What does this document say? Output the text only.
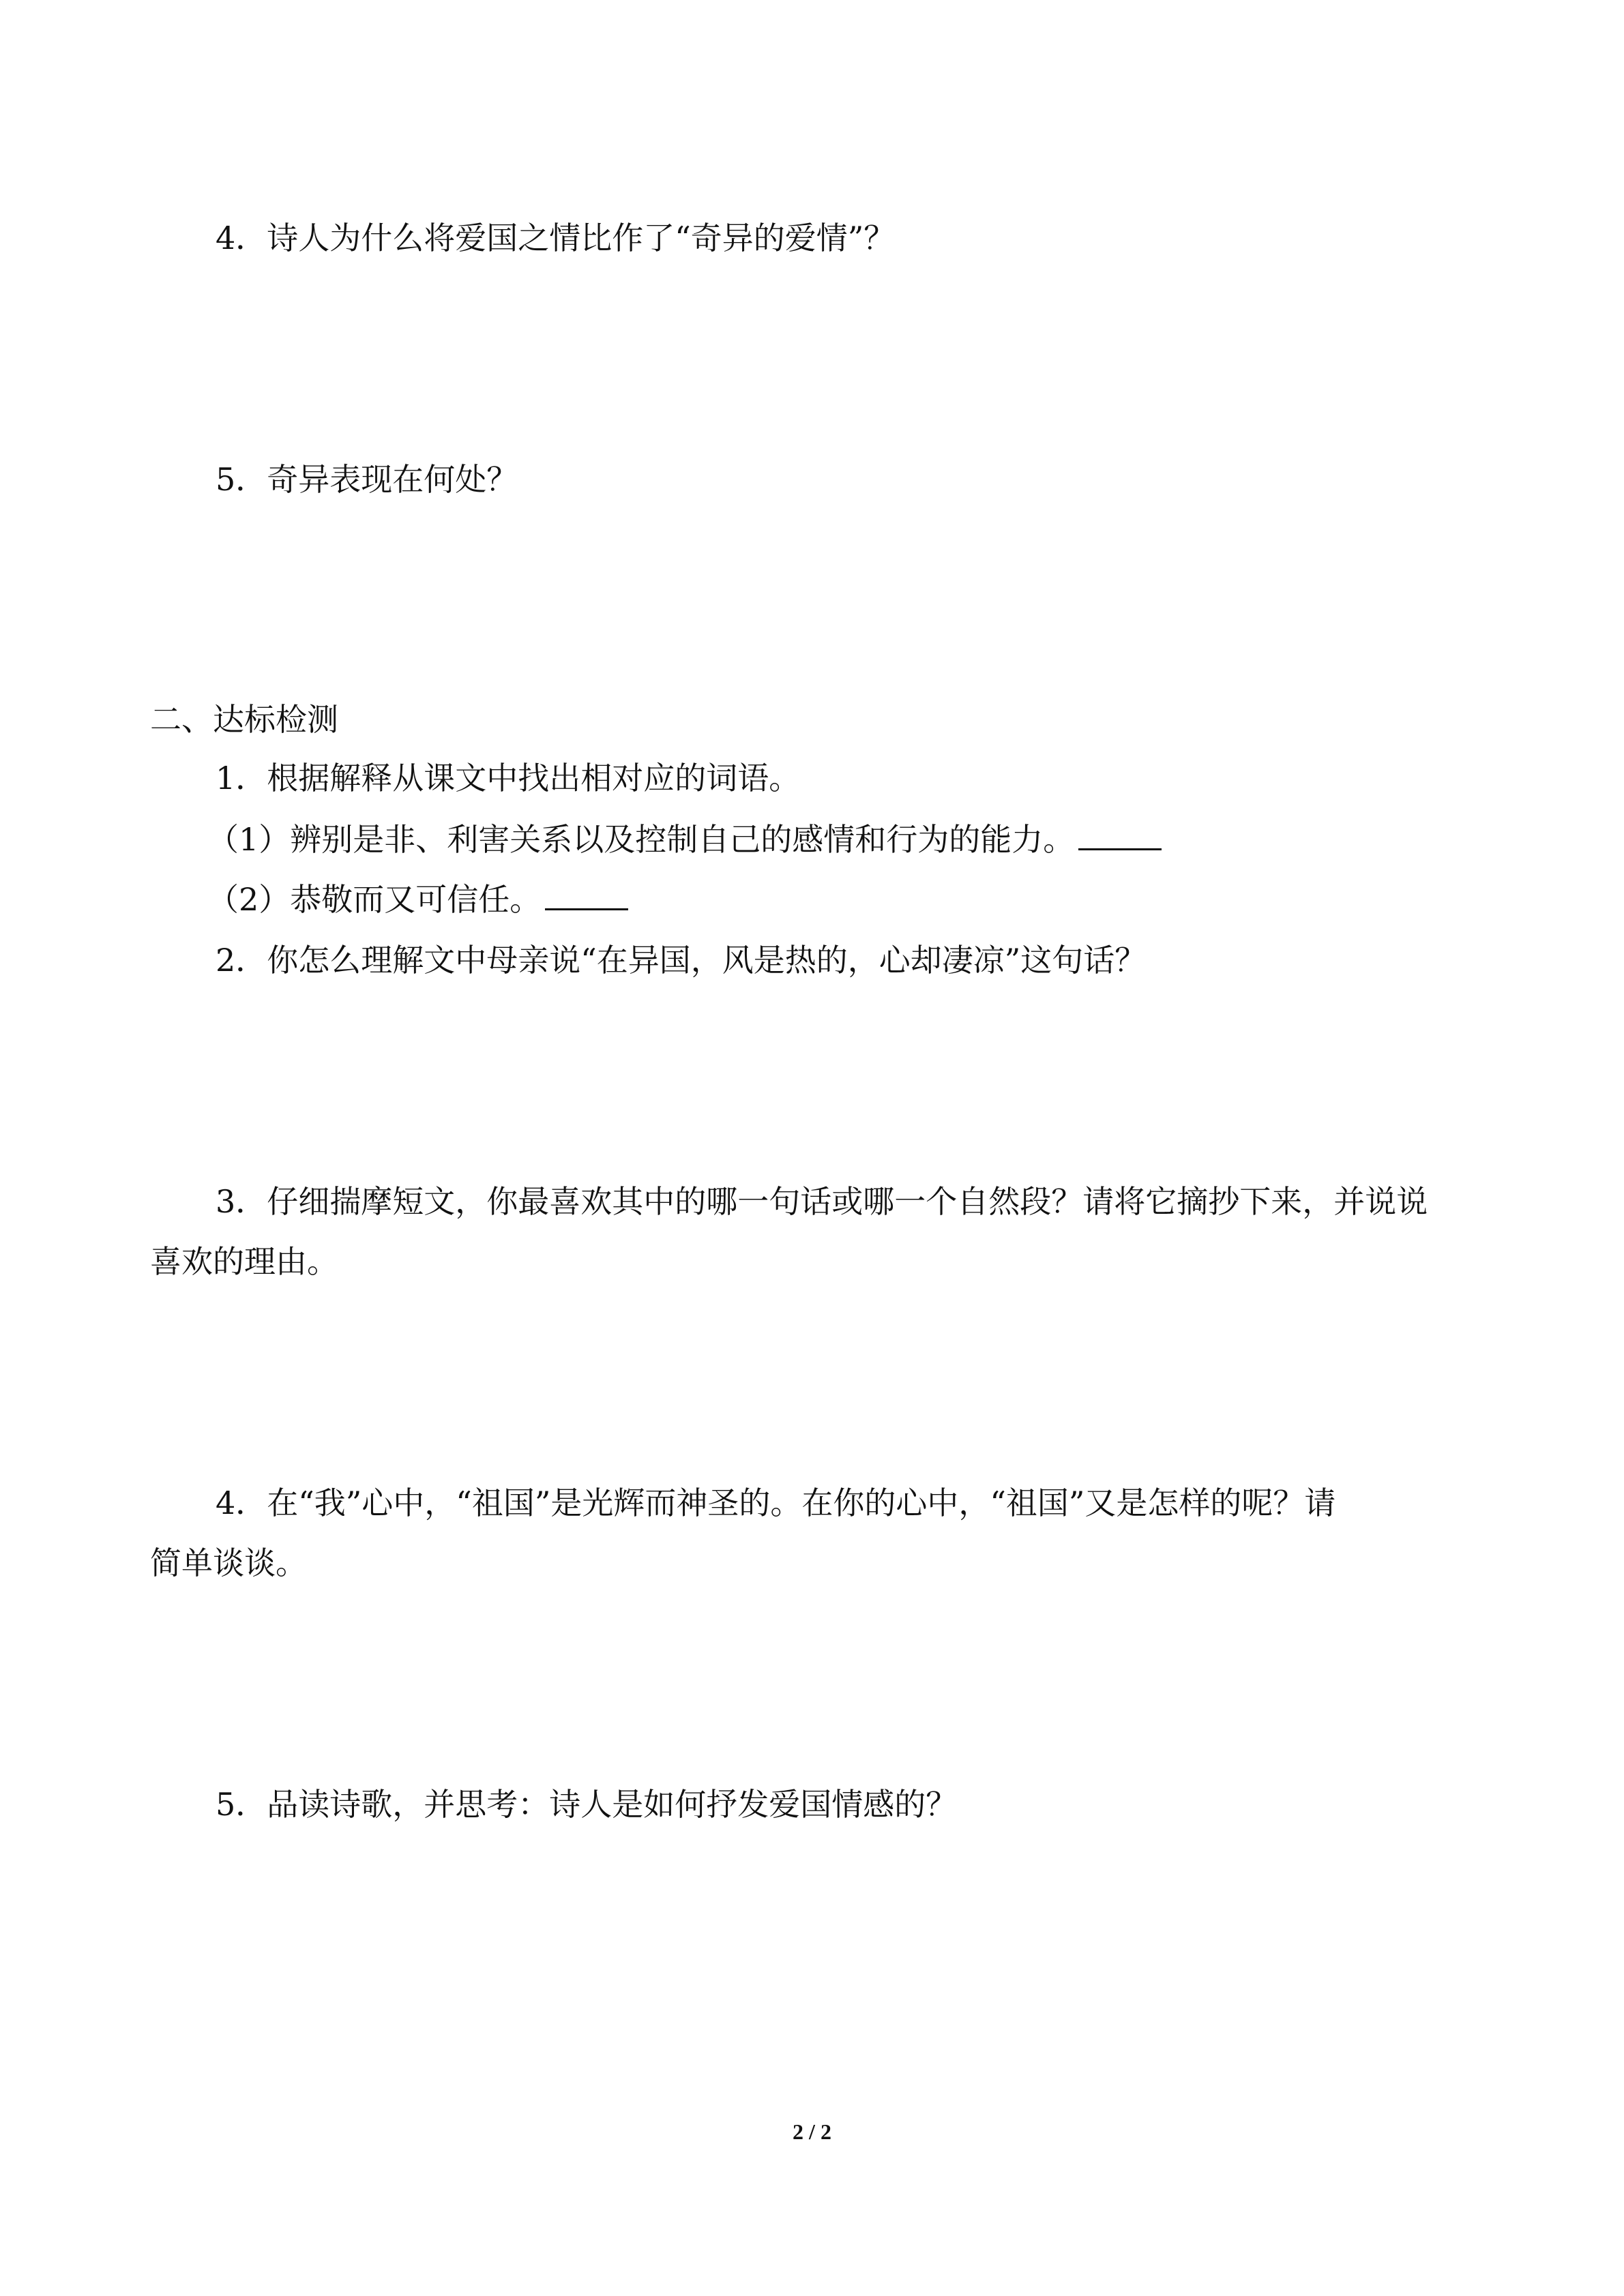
4．诗人为什么将爱国之情比作了“奇异的爱情”？
5．奇异表现在何处？
二、达标检测
1．根据解释从课文中找出相对应的词语。
（1）辨别是非、利害关系以及控制自己的感情和行为的能力。
（2）恭敬而又可信任。
2．你怎么理解文中母亲说“在异国，风是热的，心却凄凉”这句话？
3．仔细揣摩短文，你最喜欢其中的哪一句话或哪一个自然段？请将它摘抄下来，并说说
喜欢的理由。
4．在“我”心中，“祖国”是光辉而神圣的。在你的心中，“祖国”又是怎样的呢？请
简单谈谈。
5．品读诗歌，并思考：诗人是如何抒发爱国情感的？
2 / 2
